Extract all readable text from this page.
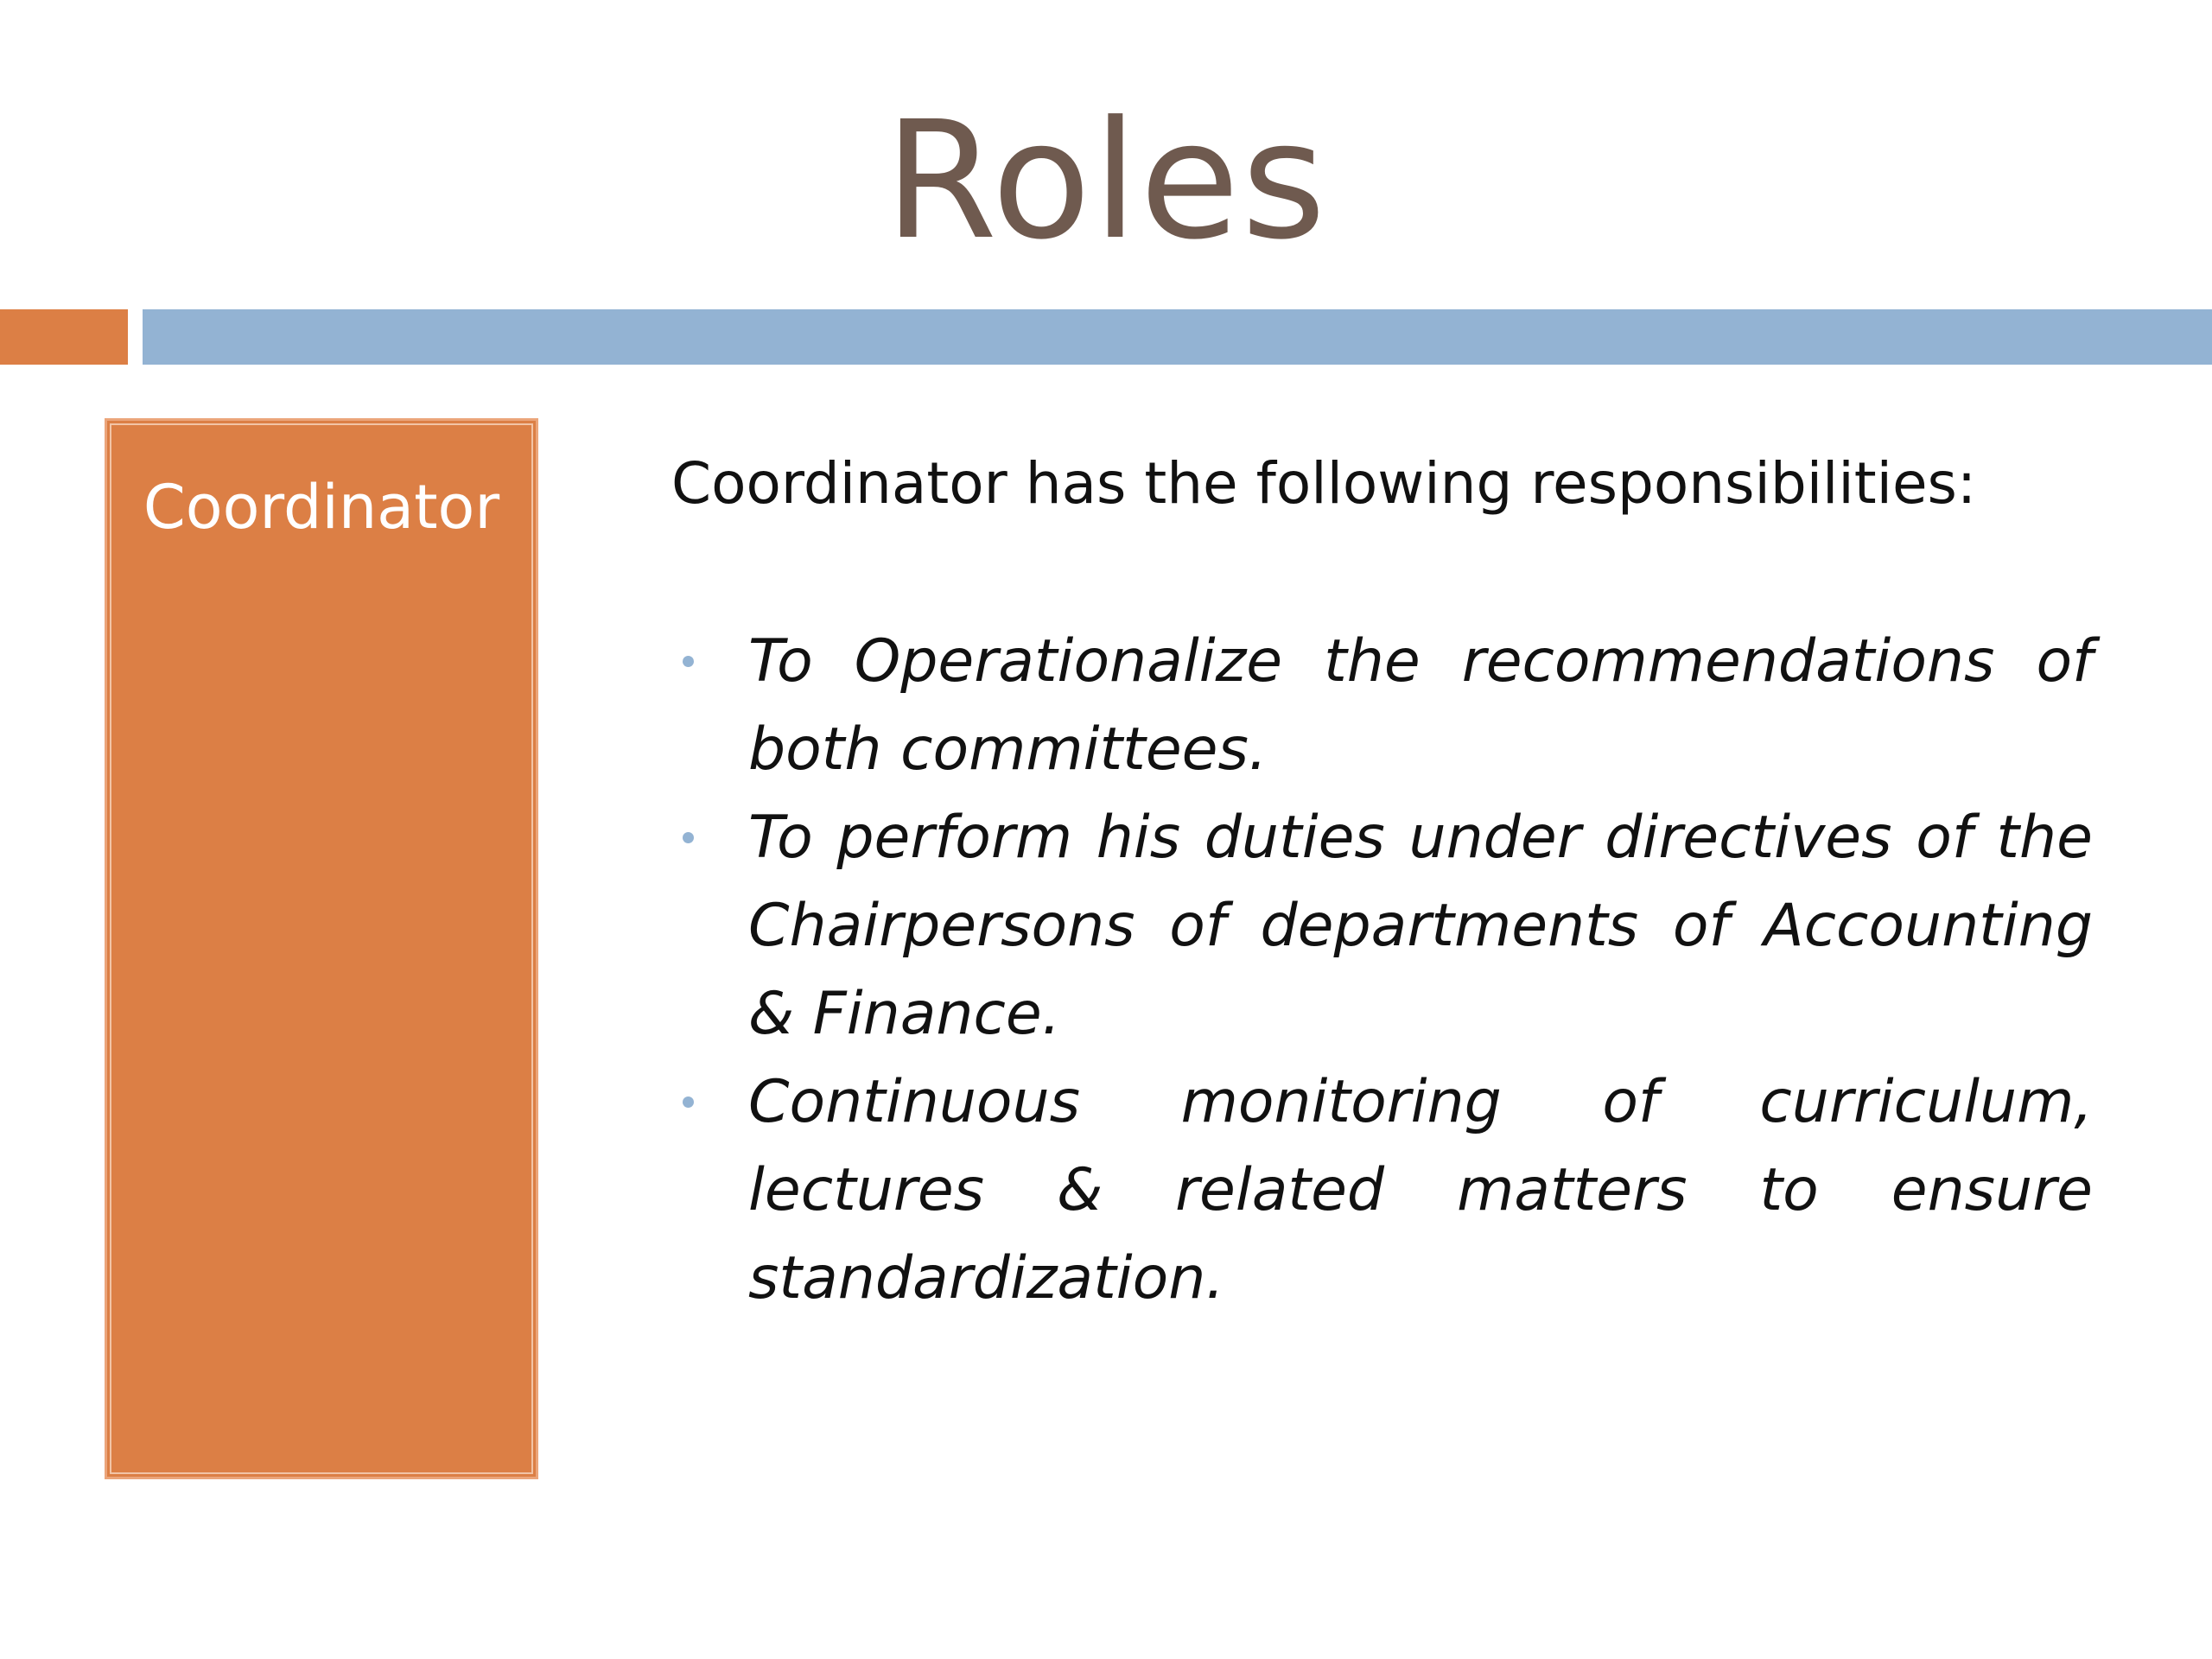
Roles
Coordinator	Coordinator has the following responsibilities:
To Operationalize the recommendations of both committees.
To perform his duties under directives of the Chairpersons of departments of Accounting & Finance.
Continuous monitoring of curriculum, lectures & related matters to ensure standardization.
